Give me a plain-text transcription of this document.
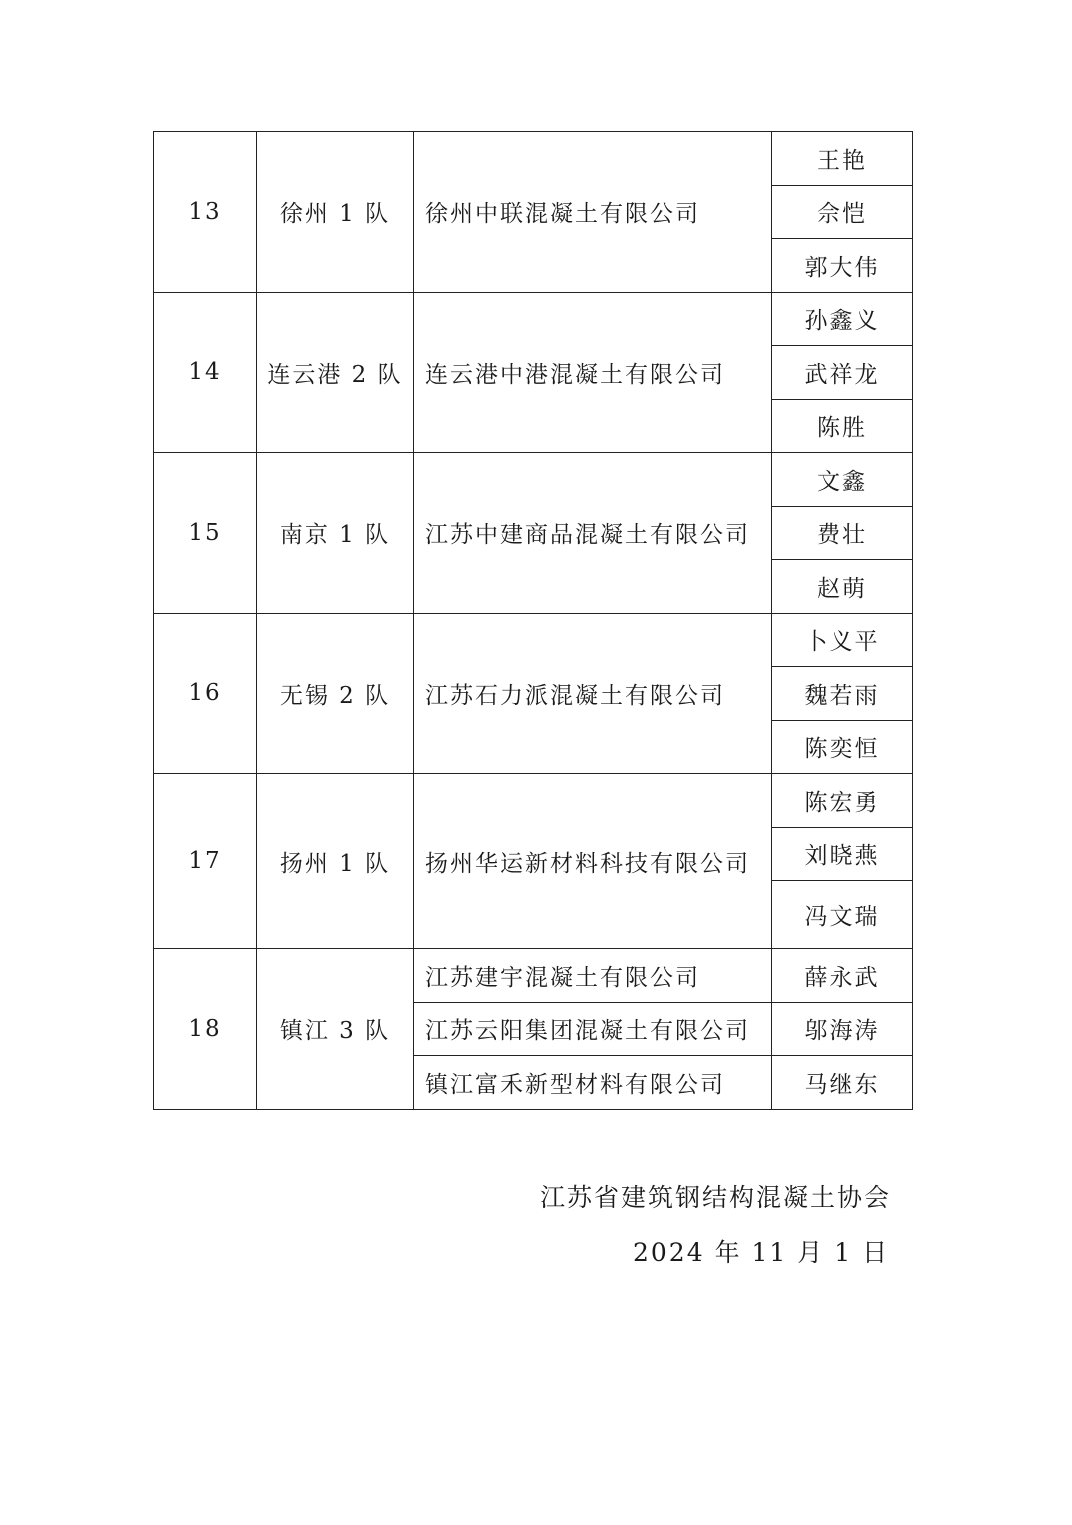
13	徐州 1 队	徐州中联混凝土有限公司	王艳
			佘恺
			郭大伟
14	连云港 2 队	连云港中港混凝土有限公司	孙鑫义
			武祥龙
			陈胜
15	南京 1 队	江苏中建商品混凝土有限公司	文鑫
			费壮
			赵萌
16	无锡 2 队	江苏石力派混凝土有限公司	卜义平
			魏若雨
			陈奕恒
17	扬州 1 队	扬州华运新材料科技有限公司	陈宏勇
			刘晓燕
			冯文瑞
18	镇江 3 队	江苏建宇混凝土有限公司	薛永武
		江苏云阳集团混凝土有限公司	邬海涛
		镇江富禾新型材料有限公司	马继东
江苏省建筑钢结构混凝土协会
2024 年 11 月 1 日
